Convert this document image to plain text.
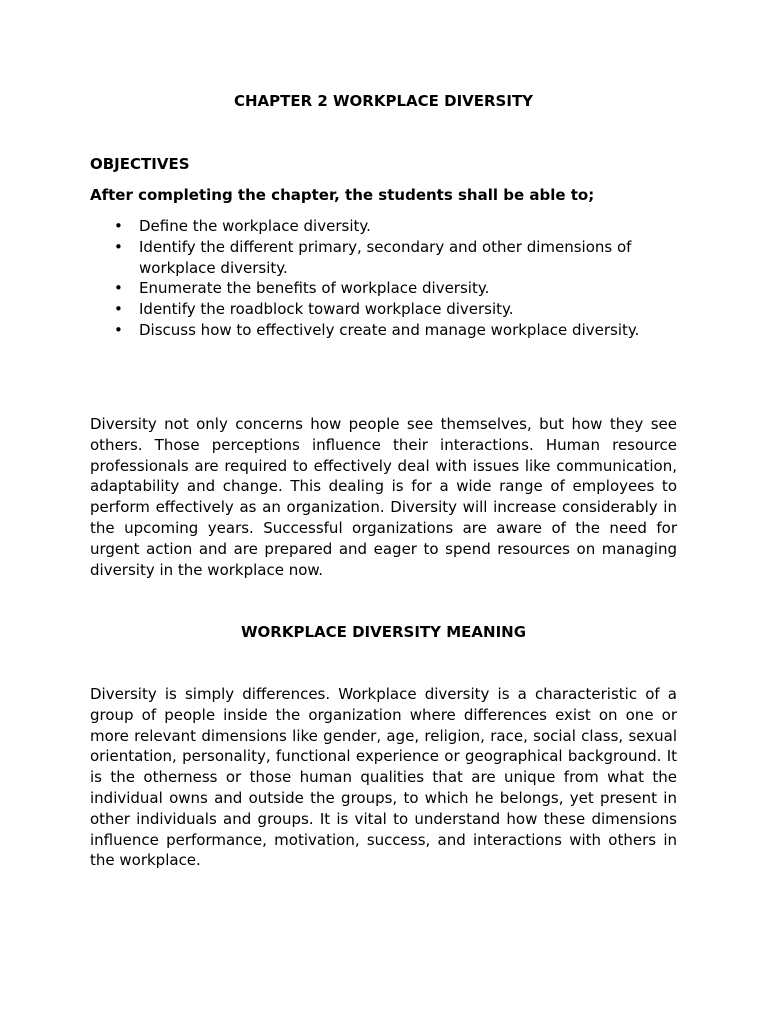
CHAPTER 2 WORKPLACE DIVERSITY
OBJECTIVES

After completing the chapter, the students shall be able to;

• Define the workplace diversity.
• Identify the different primary, secondary and other dimensions of workplace diversity.
• Enumerate the benefits of workplace diversity.
• Identify the roadblock toward workplace diversity.
• Discuss how to effectively create and manage workplace diversity.

Diversity not only concerns how people see themselves, but how they see others. Those perceptions influence their interactions. Human resource professionals are required to effectively deal with issues like communication, adaptability and change. This dealing is for a wide range of employees to perform effectively as an organization. Diversity will increase considerably in the upcoming years. Successful organizations are aware of the need for urgent action and are prepared and eager to spend resources on managing diversity in the workplace now.

WORKPLACE DIVERSITY MEANING

Diversity is simply differences. Workplace diversity is a characteristic of a group of people inside the organization where differences exist on one or more relevant dimensions like gender, age, religion, race, social class, sexual orientation, personality, functional experience or geographical background. It is the otherness or those human qualities that are unique from what the individual owns and outside the groups, to which he belongs, yet present in other individuals and groups. It is vital to understand how these dimensions influence performance, motivation, success, and interactions with others in the workplace.
